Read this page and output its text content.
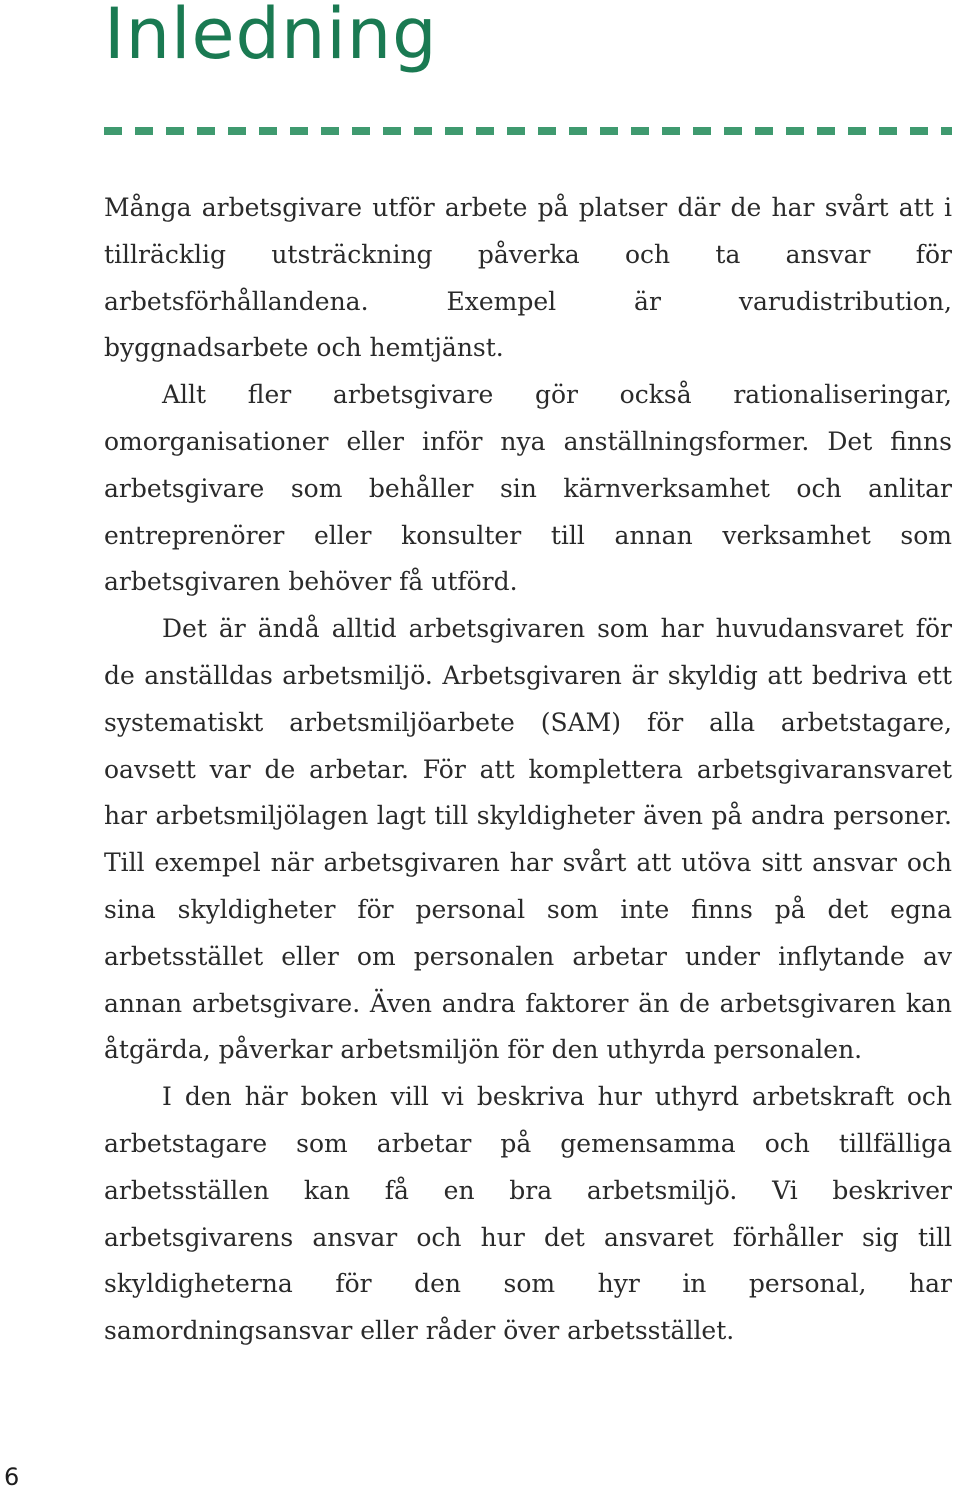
Inledning

Många arbetsgivare utför arbete på platser där de har svårt att i tillräcklig utsträckning påverka och ta ansvar för arbetsförhållandena. Exempel är varudistribution, byggnadsarbete och hemtjänst.

Allt fler arbetsgivare gör också rationaliseringar, omorganisationer eller inför nya anställningsformer. Det finns arbetsgivare som behåller sin kärnverksamhet och anlitar entreprenörer eller konsulter till annan verksamhet som arbetsgivaren behöver få utförd.

Det är ändå alltid arbetsgivaren som har huvudansvaret för de anställdas arbetsmiljö. Arbetsgivaren är skyldig att bedriva ett systematiskt arbetsmiljöarbete (SAM) för alla arbetstagare, oavsett var de arbetar. För att komplettera arbetsgivaransvaret har arbetsmiljölagen lagt till skyldigheter även på andra personer. Till exempel när arbetsgivaren har svårt att utöva sitt ansvar och sina skyldigheter för personal som inte finns på det egna arbetsstället eller om personalen arbetar under inflytande av annan arbetsgivare. Även andra faktorer än de arbetsgivaren kan åtgärda, påverkar arbetsmiljön för den uthyrda personalen.

I den här boken vill vi beskriva hur uthyrd arbetskraft och arbetstagare som arbetar på gemensamma och tillfälliga arbetsställen kan få en bra arbetsmiljö. Vi beskriver arbetsgivarens ansvar och hur det ansvaret förhåller sig till skyldigheterna för den som hyr in personal, har samordningsansvar eller råder över arbetsstället.

6
